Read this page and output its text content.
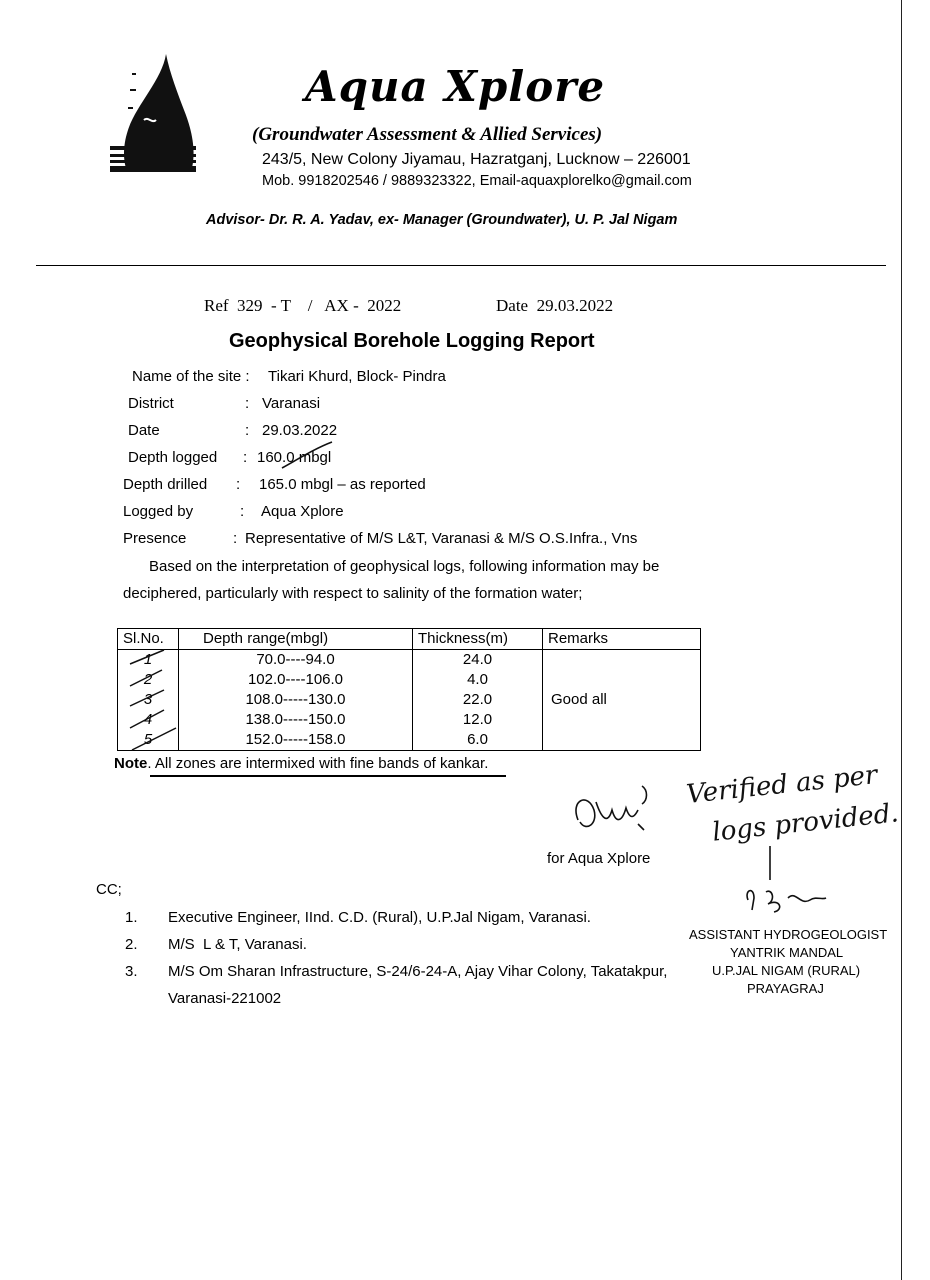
Aqua Xplore
(Groundwater Assessment & Allied Services)
243/5, New Colony Jiyamau, Hazratganj, Lucknow – 226001
Mob. 9918202546 / 9889323322, Email-aquaxplorelko@gmail.com
Advisor- Dr. R. A. Yadav, ex- Manager (Groundwater), U. P. Jal Nigam
Ref  329  - T    /   AX -  2022	Date  29.03.2022
Geophysical Borehole Logging Report
Name of the site : Tikari Khurd, Block- Pindra
District	: Varanasi
Date	: 29.03.2022
Depth logged : 160.0 mbgl
Depth drilled : 165.0 mbgl – as reported
Logged by	: Aqua Xplore
Presence	: Representative of M/S L&T, Varanasi & M/S O.S.Infra., Vns
Based on the interpretation of geophysical logs, following information may be
deciphered, particularly with respect to salinity of the formation water;
Sl.No.	Depth range(mbgl)	Thickness(m)	Remarks
1	70.0----94.0	24.0	Good all
2	102.0----106.0	4.0	
3	108.0-----130.0	22.0	
4	138.0-----150.0	12.0	
5	152.0-----158.0	6.0	
Note. All zones are intermixed with fine bands of kankar.
for Aqua Xplore
Verified as per
logs provided.
ASSISTANT HYDROGEOLOGIST
YANTRIK MANDAL
U.P.JAL NIGAM (RURAL)
PRAYAGRAJ
CC;
1. Executive Engineer, IInd. C.D. (Rural), U.P.Jal Nigam, Varanasi.
2. M/S  L & T, Varanasi.
3. M/S Om Sharan Infrastructure, S-24/6-24-A, Ajay Vihar Colony, Takatakpur,
Varanasi-221002
